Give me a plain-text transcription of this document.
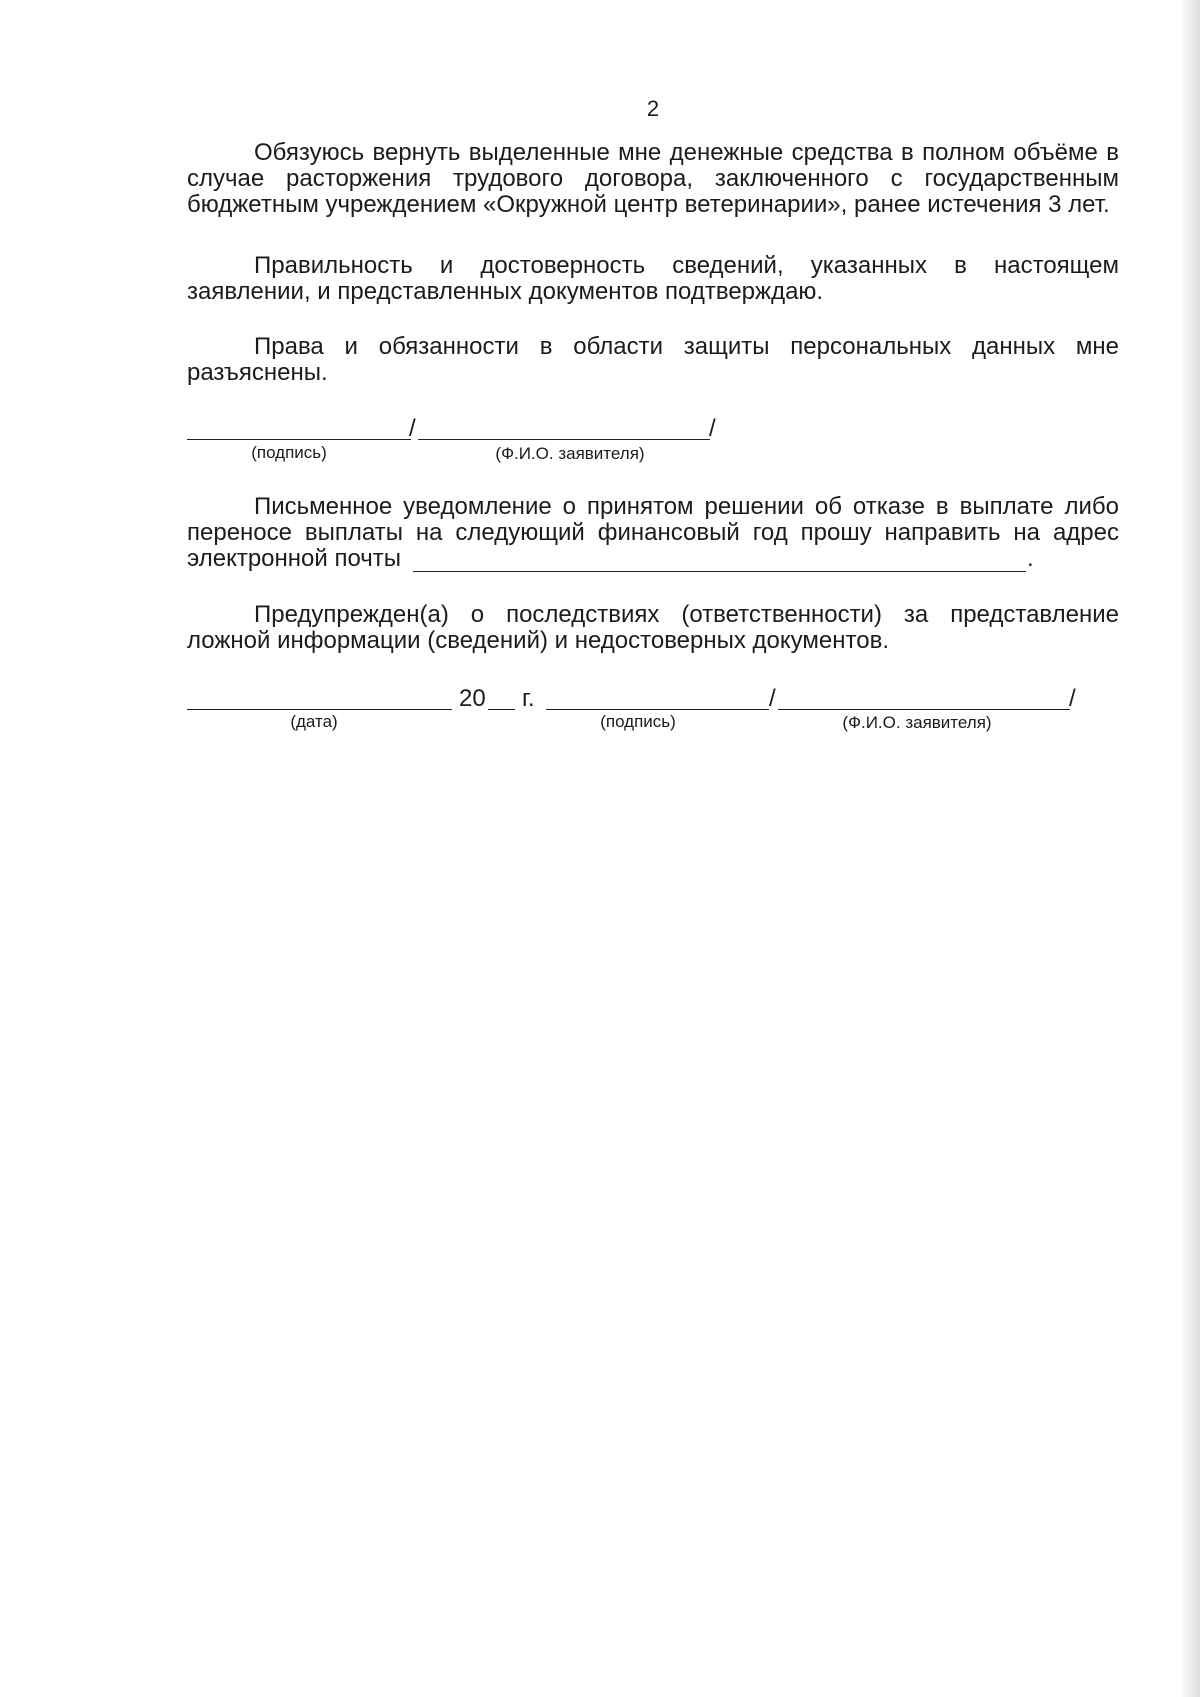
2

Обязуюсь вернуть выделенные мне денежные средства в полном объёме в случае расторжения трудового договора, заключенного с государственным бюджетным учреждением «Окружной центр ветеринарии», ранее истечения 3 лет.

Правильность и достоверность сведений, указанных в настоящем заявлении, и представленных документов подтверждаю.

Права и обязанности в области защиты персональных данных мне разъяснены.

/	/
(подпись)	(Ф.И.О. заявителя)

Письменное уведомление о принятом решении об отказе в выплате либо переносе выплаты на следующий финансовый год прошу направить на адрес

электронной почты	.

Предупрежден(а) о последствиях (ответственности) за представление ложной информации (сведений) и недостоверных документов.

20 г.	/	/
(дата)	(подпись)	(Ф.И.О. заявителя)
